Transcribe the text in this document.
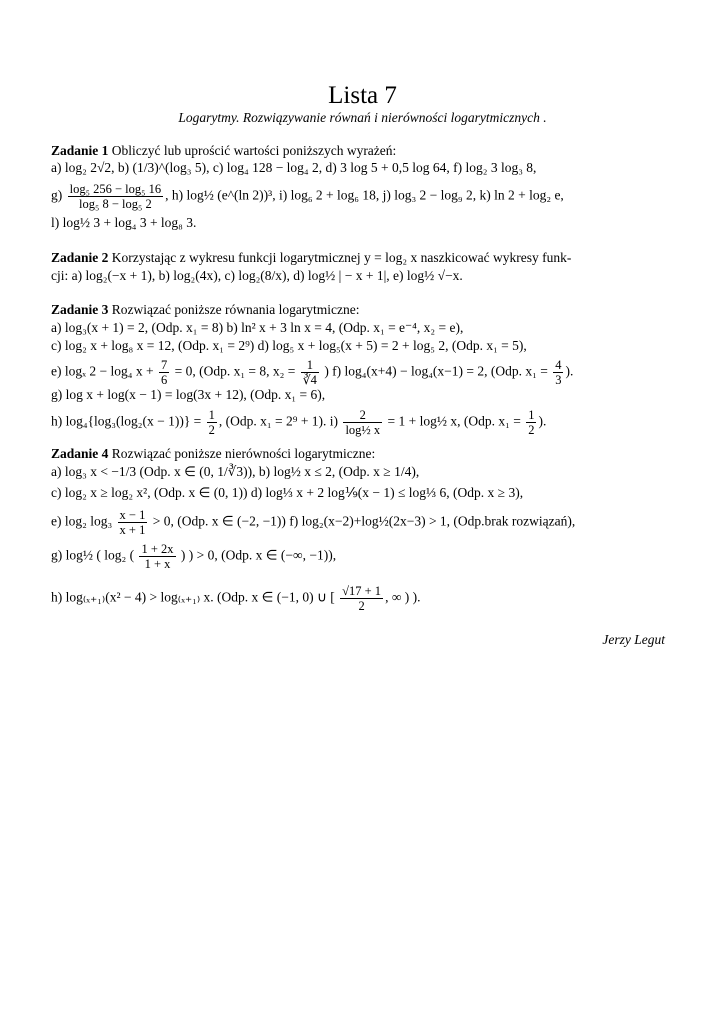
Lista 7
Logarytmy. Rozwiązywanie równań i nierówności logarytmicznych .
Zadanie 1 Obliczyć lub uprościć wartości poniższych wyrażeń:
a) log₂ 2√2, b) (1/3)^(log₃ 5), c) log₄ 128 − log₄ 2, d) 3 log 5 + 0,5 log 64, f) log₂ 3 log₃ 8,
$g) \frac{\text{log₅ 256 − log₅ 16}}{\text{log₅ 8 − log₅ 2}}$ , h) log½ (e^(ln 2))³, i) log₆ 2 + log₆ 18, j) log₃ 2 − log₉ 2, k) ln 2 + log₂ e,
l) log½ 3 + log₄ 3 + log₈ 3.
Zadanie 2 Korzystając z wykresu funkcji logarytmicznej y = log₂ x naszkicować wykresy funk-
cji: a) log₂(−x + 1), b) log₂(4x), c) log₂(8/x), d) log½ | − x + 1|, e) log½ √−x.
Zadanie 3 Rozwiązać poniższe równania logarytmiczne:
a) log₃(x + 1) = 2, (Odp. x₁ = 8) b) ln² x + 3 ln x = 4, (Odp. x₁ = e⁻⁴, x₂ = e),
c) log₂ x + log₈ x = 12, (Odp. x₁ = 2⁹) d) log₅ x + log₅(x + 5) = 2 + log₅ 2, (Odp. x₁ = 5),
e) logₓ 2 − log₄ $x + \frac{7}{6} = 0$, (Odp. x₁ = 8, $x_2 = \frac{1}{∛4}$ ) f) log₄(x+4) − log₄(x−1) = 2, (Odp. $x_1 = \frac{4}{3}$ ).
g) log x + log(x − 1) = log(3x + 12), (Odp. x₁ = 6),
h) $\log_4\{\log_3(\log_2(x - 1))\} = \frac{1}{2}$ , (Odp. x₁ = 2⁹ + 1). $i) \frac{2}{\text{log½ x}} = 1$ + log½ x, (Odp. $x_1 = \frac{1}{2}$ ).
Zadanie 4 Rozwiązać poniższe nierówności logarytmiczne:
a) log₃ x < −1/3 (Odp. x ∈ (0, 1/∛3)), b) log½ x ≤ 2, (Odp. x ≥ 1/4),
c) log₂ x ≥ log₂ x², (Odp. x ∈ (0, 1)) d) log⅓ x + 2 log⅑(x − 1) ≤ log⅓ 6, (Odp. x ≥ 3),
e) log₂ $\log_3 \frac{x - 1}{x + 1} > 0$, (Odp. x ∈ (−2, −1)) f) log₂(x−2)+log½(2x−3) > 1, (Odp.brak rozwiązań),
g) log½ ( log₂ ( $\frac{1 + 2x}{1 + x}$ ) ) > 0, (Odp. x ∈ (−∞, −1)),
h) log₍ₓ₊₁₎(x² − 4) > log₍ₓ₊₁₎ x. (Odp. x ∈ (−1, 0) ∪ [ $\frac{√17 + 1}{2}$ , ∞ ) ).
Jerzy Legut
